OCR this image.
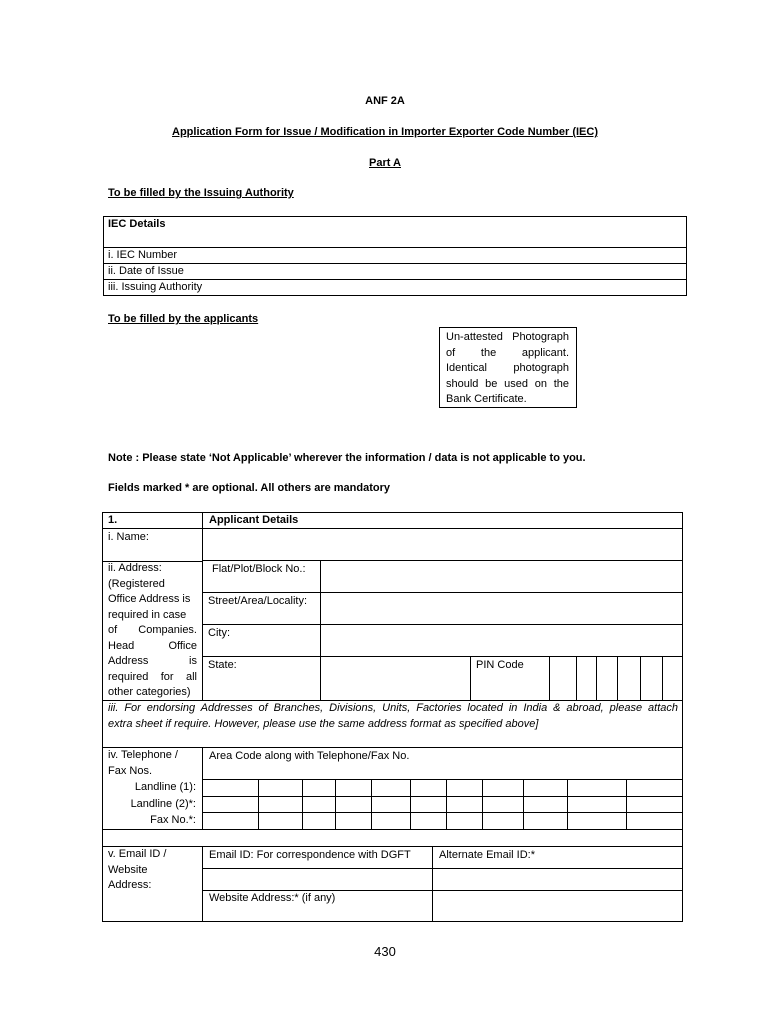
ANF 2A
Application Form for Issue / Modification in Importer Exporter Code Number (IEC)
Part A
To be filled by the Issuing Authority
IEC Details
i. IEC Number
ii. Date of Issue
iii. Issuing Authority
To be filled by the applicants
Un-attested Photograph
of the applicant.
Identical photograph
should be used on the
Bank Certificate.
Note : Please state ‘Not Applicable’ wherever the information / data is not applicable to you.
Fields marked * are optional. All others are mandatory
1.	Applicant Details
i. Name:
ii. Address:
(Registered
Office Address is
required in case
of Companies.
Head Office
Address is
required for all
other categories)
Flat/Plot/Block No.:
Street/Area/Locality:
City:
State:	PIN Code
iii. For endorsing Addresses of Branches, Divisions, Units, Factories located in India & abroad, please attach
extra sheet if require. However, please use the same address format as specified above]
iv. Telephone /
Fax Nos.
Area Code along with Telephone/Fax No.
Landline (1):
Landline (2)*:
Fax No.*:
v. Email ID /
Website
Address:
Email ID: For correspondence with DGFT	Alternate Email ID:*
Website Address:* (if any)
430
